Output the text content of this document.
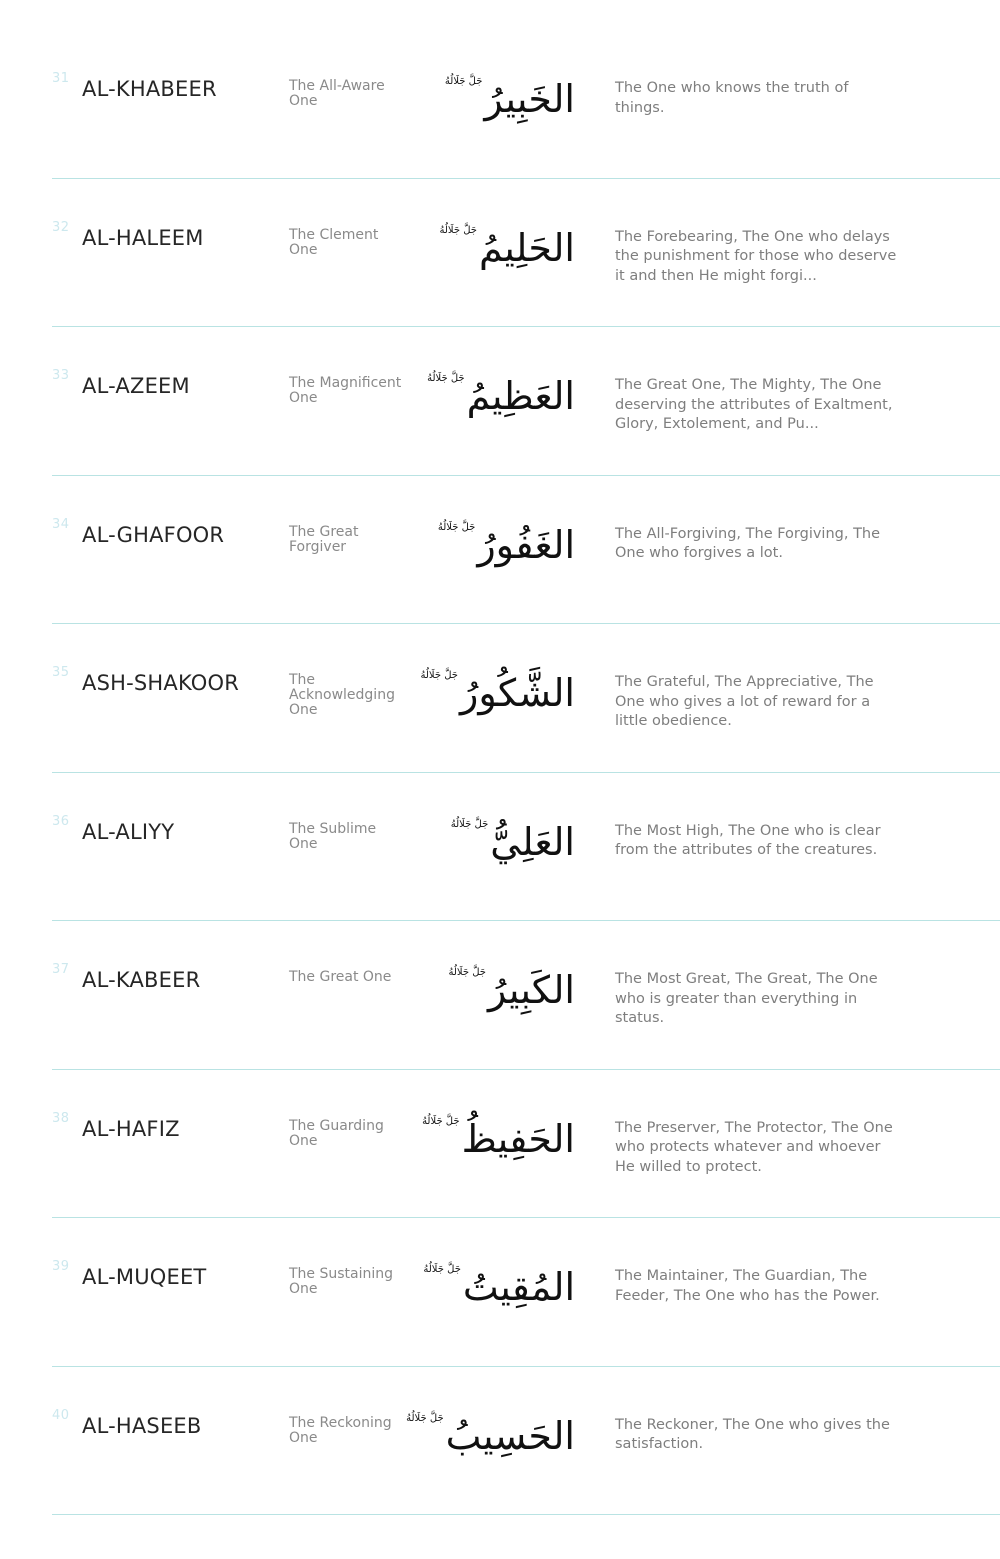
31 AL-KHABEER	The All-Aware One	الخَبِيرُجَلَّ جَلَالُهُ	The One who knows the truth of things.
32 AL-HALEEM	The Clement One	الحَلِيمُجَلَّ جَلَالُهُ	The Forebearing, The One who delays the punishment for those who deserve it and then He might forgi...
33 AL-AZEEM	The Magnificent One	العَظِيمُجَلَّ جَلَالُهُ	The Great One, The Mighty, The One deserving the attributes of Exaltment, Glory, Extolement, and Pu...
34 AL-GHAFOOR	The Great Forgiver	الغَفُورُجَلَّ جَلَالُهُ	The All-Forgiving, The Forgiving, The One who forgives a lot.
35 ASH-SHAKOOR	The Acknowledging One	الشَّكُورُجَلَّ جَلَالُهُ	The Grateful, The Appreciative, The One who gives a lot of reward for a little obedience.
36 AL-ALIYY	The Sublime One	العَلِيُّجَلَّ جَلَالُهُ	The Most High, The One who is clear from the attributes of the creatures.
37 AL-KABEER	The Great One	الكَبِيرُجَلَّ جَلَالُهُ	The Most Great, The Great, The One who is greater than everything in status.
38 AL-HAFIZ	The Guarding One	الحَفِيظُجَلَّ جَلَالُهُ	The Preserver, The Protector, The One who protects whatever and whoever He willed to protect.
39 AL-MUQEET	The Sustaining One	المُقِيتُجَلَّ جَلَالُهُ	The Maintainer, The Guardian, The Feeder, The One who has the Power.
40 AL-HASEEB	The Reckoning One	الحَسِيبُجَلَّ جَلَالُهُ	The Reckoner, The One who gives the satisfaction.
